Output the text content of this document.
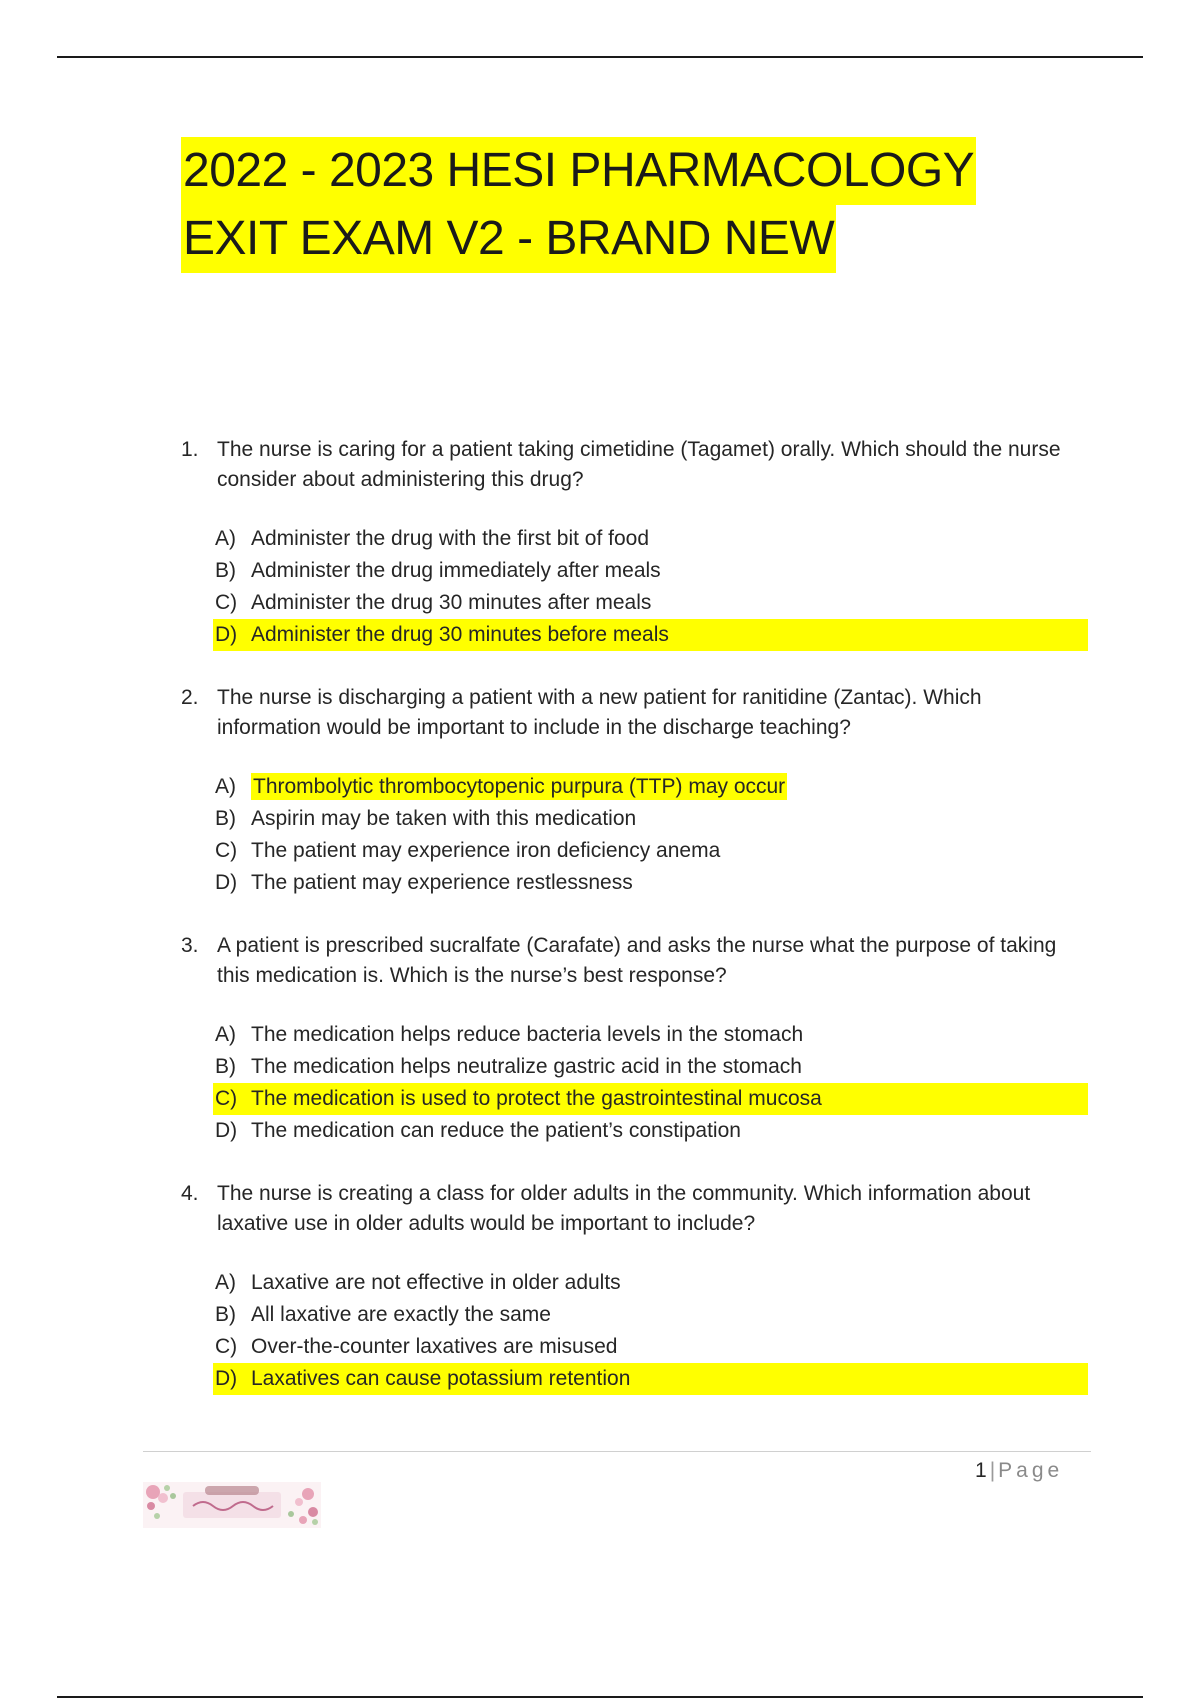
2022 - 2023 HESI PHARMACOLOGY
EXIT EXAM V2 - BRAND NEW
1. The nurse is caring for a patient taking cimetidine (Tagamet) orally. Which should the nurse consider about administering this drug?
A) Administer the drug with the first bit of food
B) Administer the drug immediately after meals
C) Administer the drug 30 minutes after meals
D) Administer the drug 30 minutes before meals
2. The nurse is discharging a patient with a new patient for ranitidine (Zantac). Which information would be important to include in the discharge teaching?
A) Thrombolytic thrombocytopenic purpura (TTP) may occur
B) Aspirin may be taken with this medication
C) The patient may experience iron deficiency anema
D) The patient may experience restlessness
3. A patient is prescribed sucralfate (Carafate) and asks the nurse what the purpose of taking this medication is. Which is the nurse’s best response?
A) The medication helps reduce bacteria levels in the stomach
B) The medication helps neutralize gastric acid in the stomach
C) The medication is used to protect the gastrointestinal mucosa
D) The medication can reduce the patient’s constipation
4. The nurse is creating a class for older adults in the community. Which information about laxative use in older adults would be important to include?
A) Laxative are not effective in older adults
B) All laxative are exactly the same
C) Over-the-counter laxatives are misused
D) Laxatives can cause potassium retention
1 | Page
